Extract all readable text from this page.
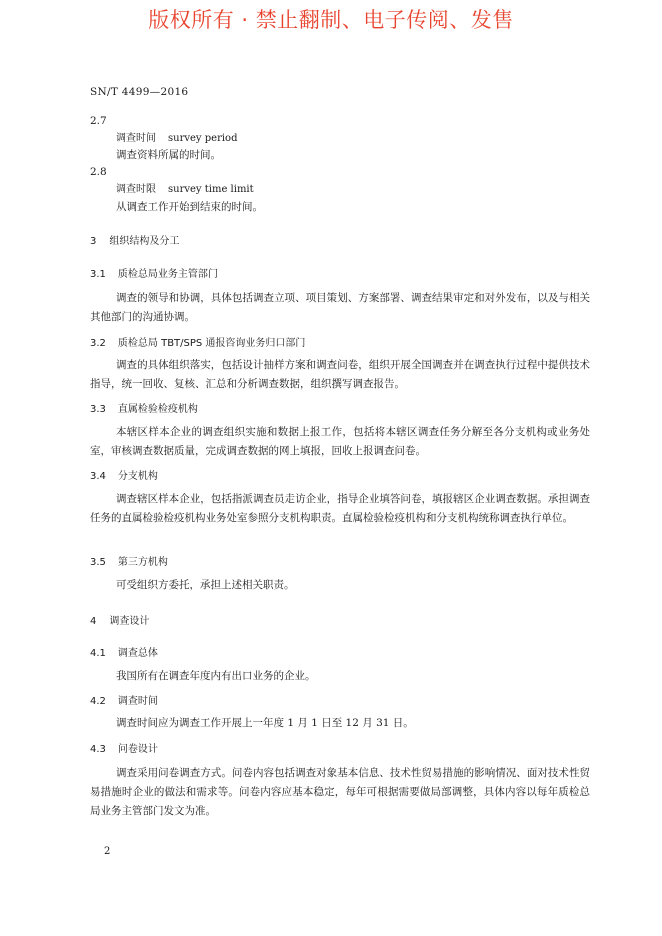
版权所有 · 禁止翻制、电子传阅、发售
SN/T 4499—2016
2.7
调查时间 survey period
调查资料所属的时间。
2.8
调查时限 survey time limit
从调查工作开始到结束的时间。
3 组织结构及分工
3.1 质检总局业务主管部门
调查的领导和协调，具体包括调查立项、项目策划、方案部署、调查结果审定和对外发布，以及与相关其他部门的沟通协调。
3.2 质检总局 TBT/SPS 通报咨询业务归口部门
调查的具体组织落实，包括设计抽样方案和调查问卷，组织开展全国调查并在调查执行过程中提供技术指导，统一回收、复核、汇总和分析调查数据，组织撰写调查报告。
3.3 直属检验检疫机构
本辖区样本企业的调查组织实施和数据上报工作，包括将本辖区调查任务分解至各分支机构或业务处室，审核调查数据质量，完成调查数据的网上填报，回收上报调查问卷。
3.4 分支机构
调查辖区样本企业，包括指派调查员走访企业，指导企业填答问卷，填报辖区企业调查数据。承担调查任务的直属检验检疫机构业务处室参照分支机构职责。直属检验检疫机构和分支机构统称调查执行单位。
3.5 第三方机构
可受组织方委托，承担上述相关职责。
4 调查设计
4.1 调查总体
我国所有在调查年度内有出口业务的企业。
4.2 调查时间
调查时间应为调查工作开展上一年度 1 月 1 日至 12 月 31 日。
4.3 问卷设计
调查采用问卷调查方式。问卷内容包括调查对象基本信息、技术性贸易措施的影响情况、面对技术性贸易措施时企业的做法和需求等。问卷内容应基本稳定，每年可根据需要做局部调整，具体内容以每年质检总局业务主管部门发文为准。
2
